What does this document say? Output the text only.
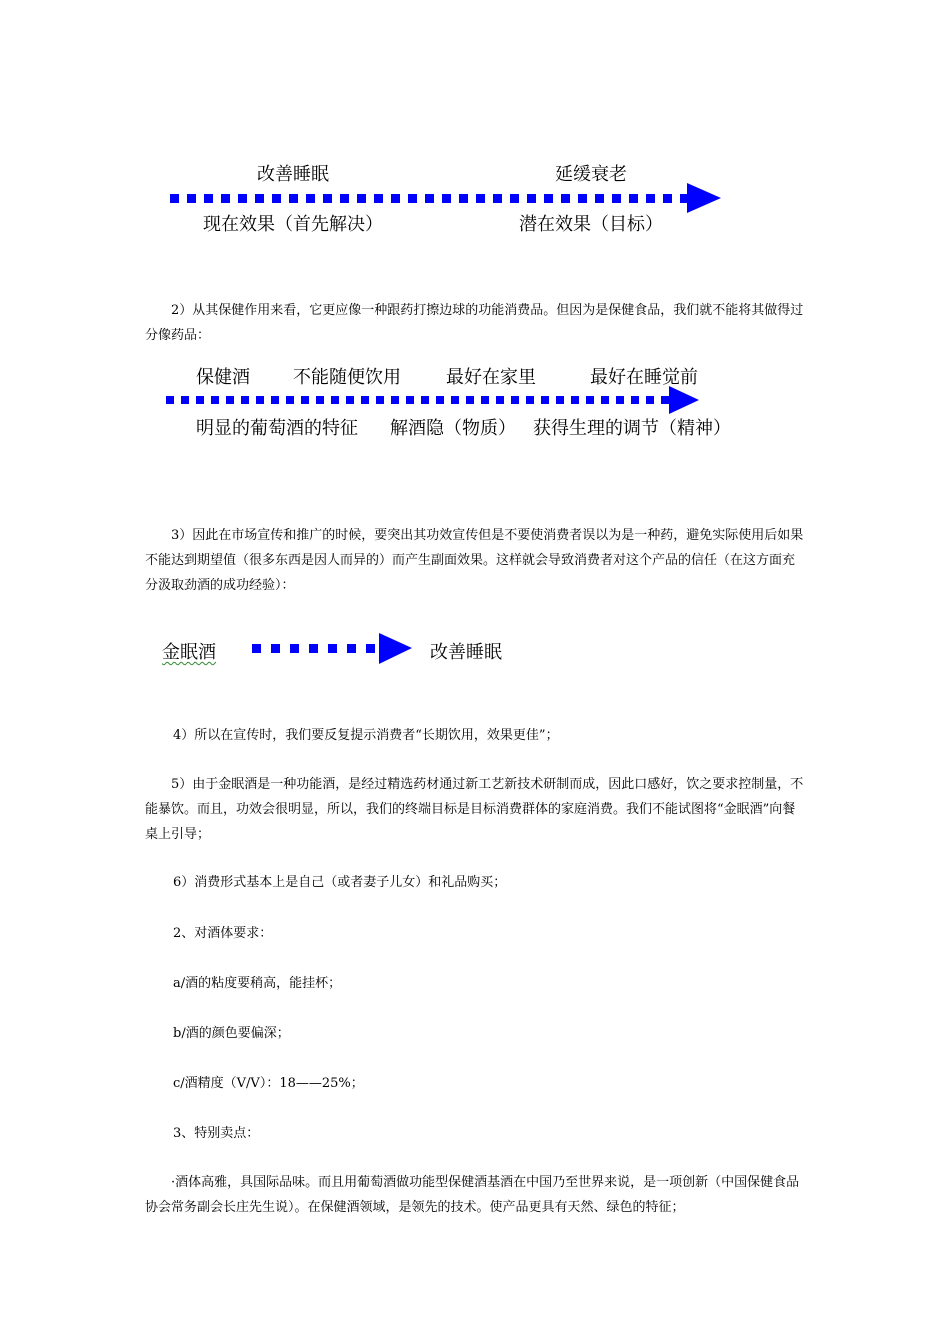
改善睡眠	延缓衰老
现在效果（首先解决）	潜在效果（目标）

2）从其保健作用来看，它更应像一种跟药打擦边球的功能消费品。但因为是保健食品，我们就不能将其做得过分像药品：

保健酒 不能随便饮用	最好在家里	最好在睡觉前
明显的葡萄酒的特征 解酒隐（物质） 获得生理的调节（精神）

3）因此在市场宣传和推广的时候，要突出其功效宣传但是不要使消费者误以为是一种药，避免实际使用后如果不能达到期望值（很多东西是因人而异的）而产生副面效果。这样就会导致消费者对这个产品的信任（在这方面充分汲取劲酒的成功经验）：

金眠酒	改善睡眠
4）所以在宣传时，我们要反复提示消费者“长期饮用，效果更佳”；

5）由于金眠酒是一种功能酒，是经过精选药材通过新工艺新技术研制而成，因此口感好，饮之要求控制量，不能暴饮。而且，功效会很明显，所以，我们的终端目标是目标消费群体的家庭消费。我们不能试图将“金眠酒”向餐桌上引导；

6）消费形式基本上是自己（或者妻子儿女）和礼品购买；
2、对酒体要求：
a/酒的粘度要稍高，能挂杯；
b/酒的颜色要偏深；
c/酒精度（V/V）：18——25%；
3、特别卖点：

·酒体高雅，具国际品味。而且用葡萄酒做功能型保健酒基酒在中国乃至世界来说，是一项创新（中国保健食品协会常务副会长庄先生说）。在保健酒领域，是领先的技术。使产品更具有天然、绿色的特征；
